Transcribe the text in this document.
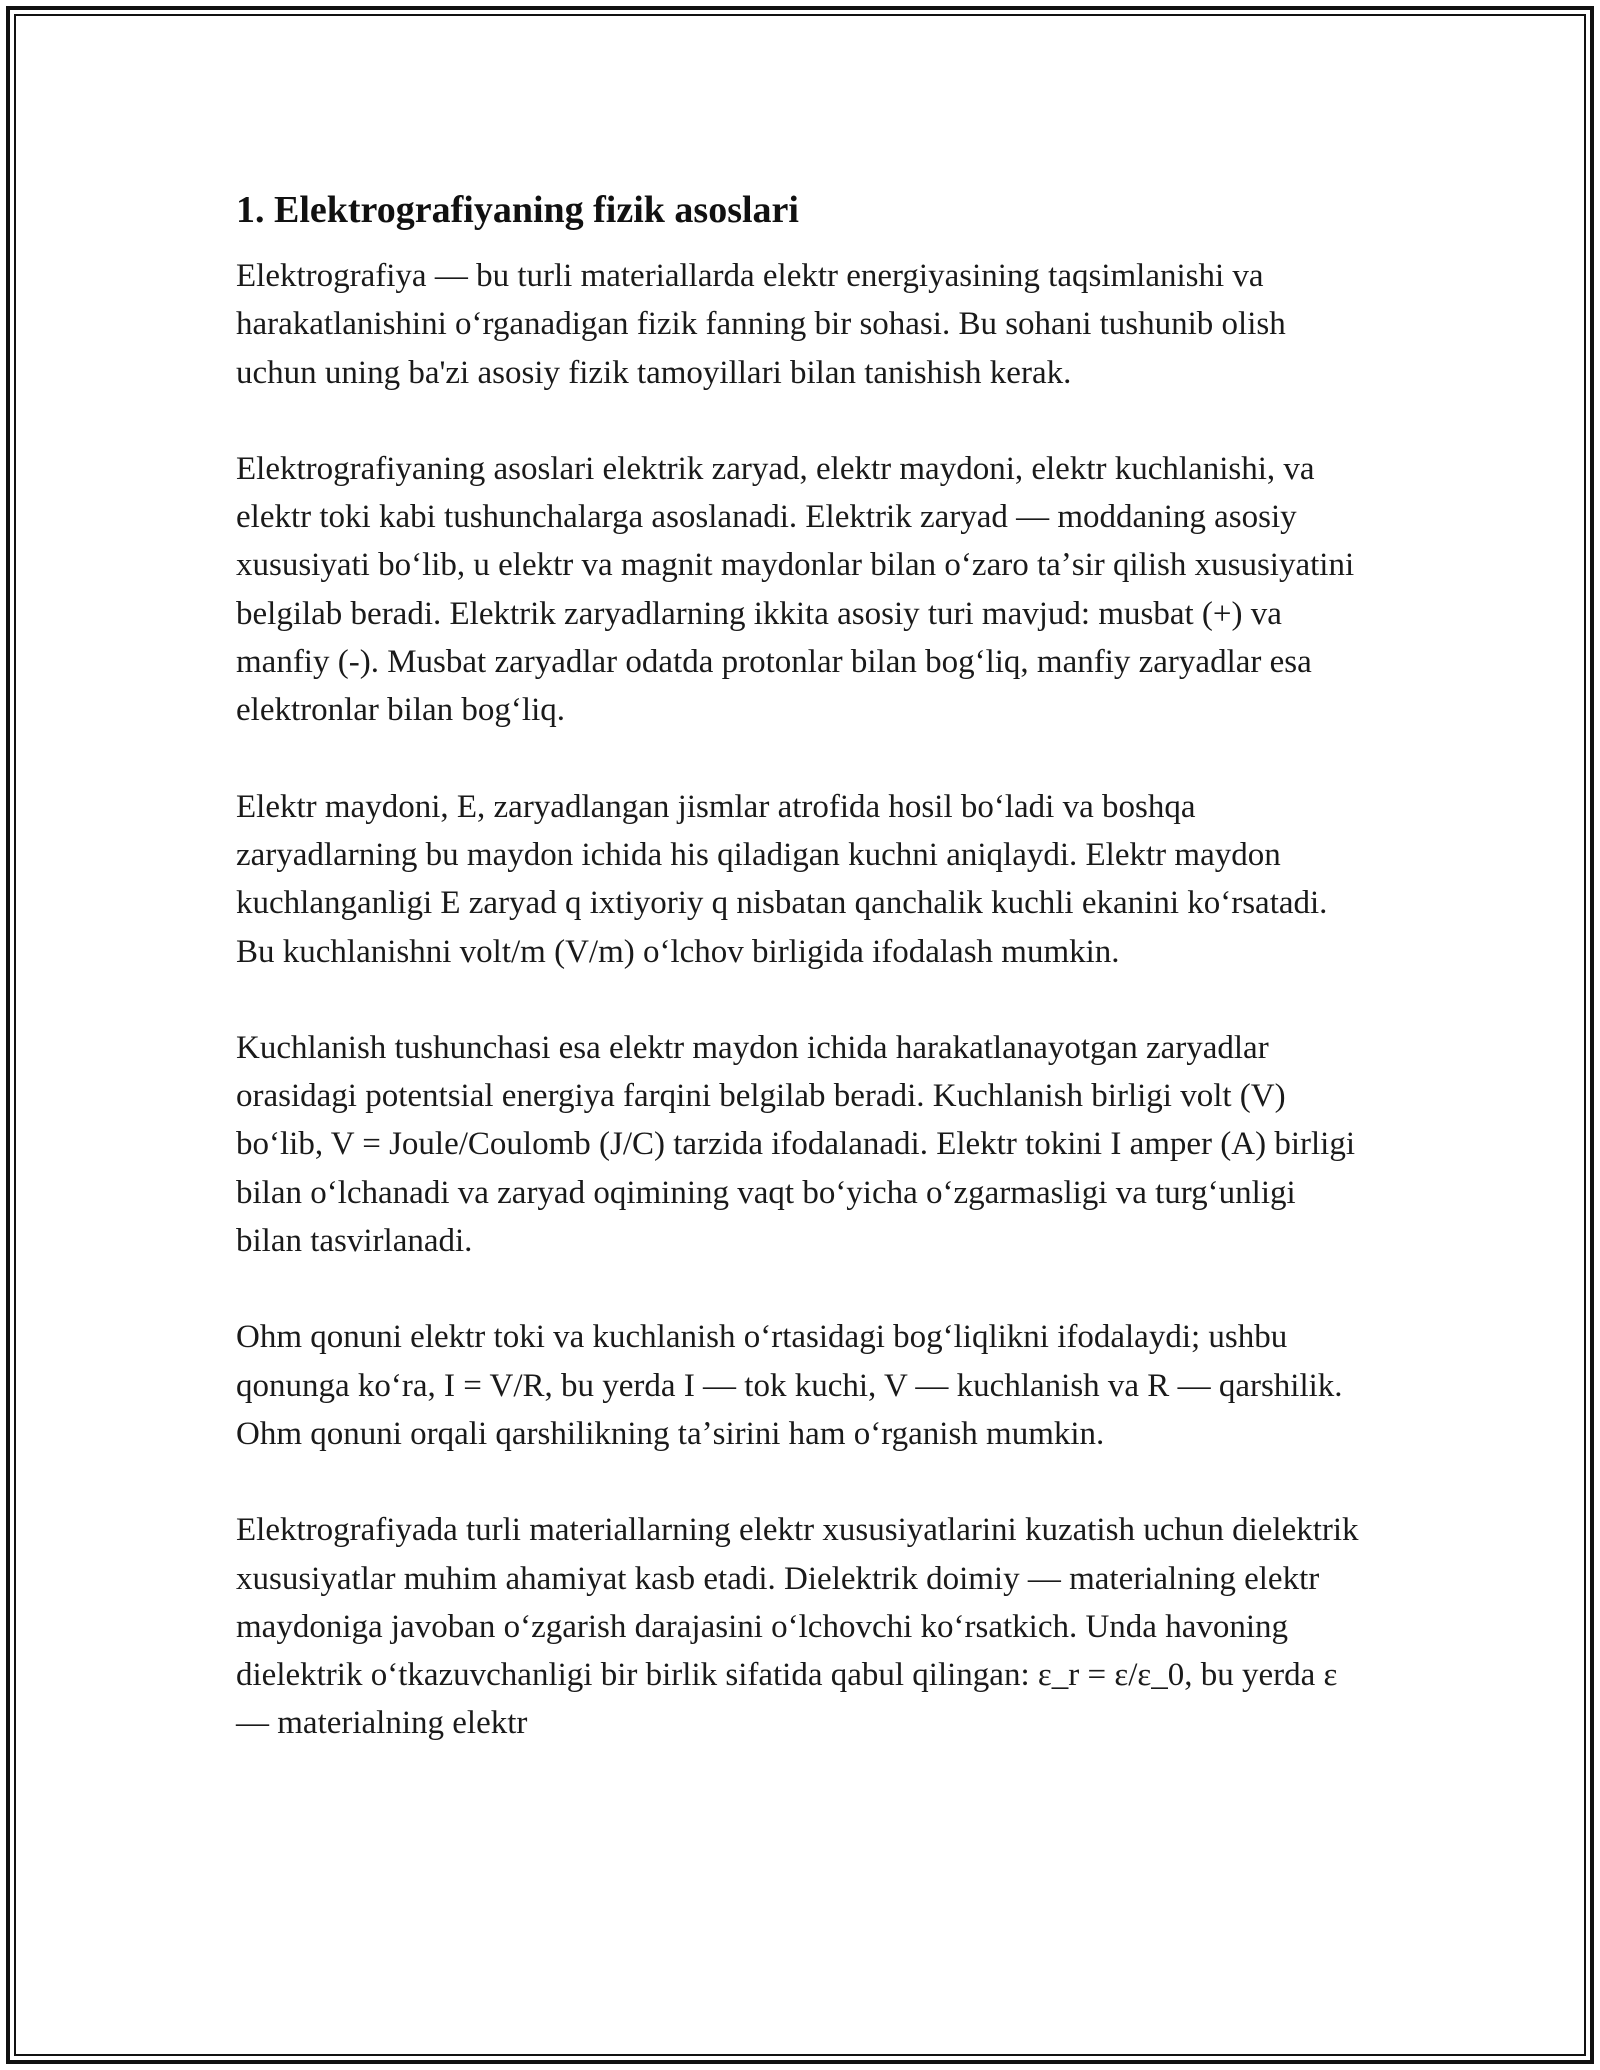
1. Elektrografiyaning fizik asoslari

Elektrografiya — bu turli materiallarda elektr energiyasining taqsimlanishi va harakatlanishini oʻrganadigan fizik fanning bir sohasi. Bu sohani tushunib olish uchun uning ba'zi asosiy fizik tamoyillari bilan tanishish kerak.

Elektrografiyaning asoslari elektrik zaryad, elektr maydoni, elektr kuchlanishi, va elektr toki kabi tushunchalarga asoslanadi. Elektrik zaryad — moddaning asosiy xususiyati boʻlib, u elektr va magnit maydonlar bilan oʻzaro taʼsir qilish xususiyatini belgilab beradi. Elektrik zaryadlarning ikkita asosiy turi mavjud: musbat (+) va manfiy (-). Musbat zaryadlar odatda protonlar bilan bogʻliq, manfiy zaryadlar esa elektronlar bilan bogʻliq.

Elektr maydoni, E, zaryadlangan jismlar atrofida hosil boʻladi va boshqa zaryadlarning bu maydon ichida his qiladigan kuchni aniqlaydi. Elektr maydon kuchlanganligi E zaryad q ixtiyoriy q nisbatan qanchalik kuchli ekanini koʻrsatadi. Bu kuchlanishni volt/m (V/m) oʻlchov birligida ifodalash mumkin.

Kuchlanish tushunchasi esa elektr maydon ichida harakatlanayotgan zaryadlar orasidagi potentsial energiya farqini belgilab beradi. Kuchlanish birligi volt (V) boʻlib, V = Joule/Coulomb (J/C) tarzida ifodalanadi. Elektr tokini I amper (A) birligi bilan oʻlchanadi va zaryad oqimining vaqt boʻyicha oʻzgarmasligi va turgʻunligi bilan tasvirlanadi.

Ohm qonuni elektr toki va kuchlanish oʻrtasidagi bogʻliqlikni ifodalaydi; ushbu qonunga koʻra, I = V/R, bu yerda I — tok kuchi, V — kuchlanish va R — qarshilik. Ohm qonuni orqali qarshilikning taʼsirini ham oʻrganish mumkin.

Elektrografiyada turli materiallarning elektr xususiyatlarini kuzatish uchun dielektrik xususiyatlar muhim ahamiyat kasb etadi. Dielektrik doimiy — materialning elektr maydoniga javoban oʻzgarish darajasini oʻlchovchi koʻrsatkich. Unda havoning dielektrik oʻtkazuvchanligi bir birlik sifatida qabul qilingan: ε_r = ε/ε_0, bu yerda ε — materialning elektr
